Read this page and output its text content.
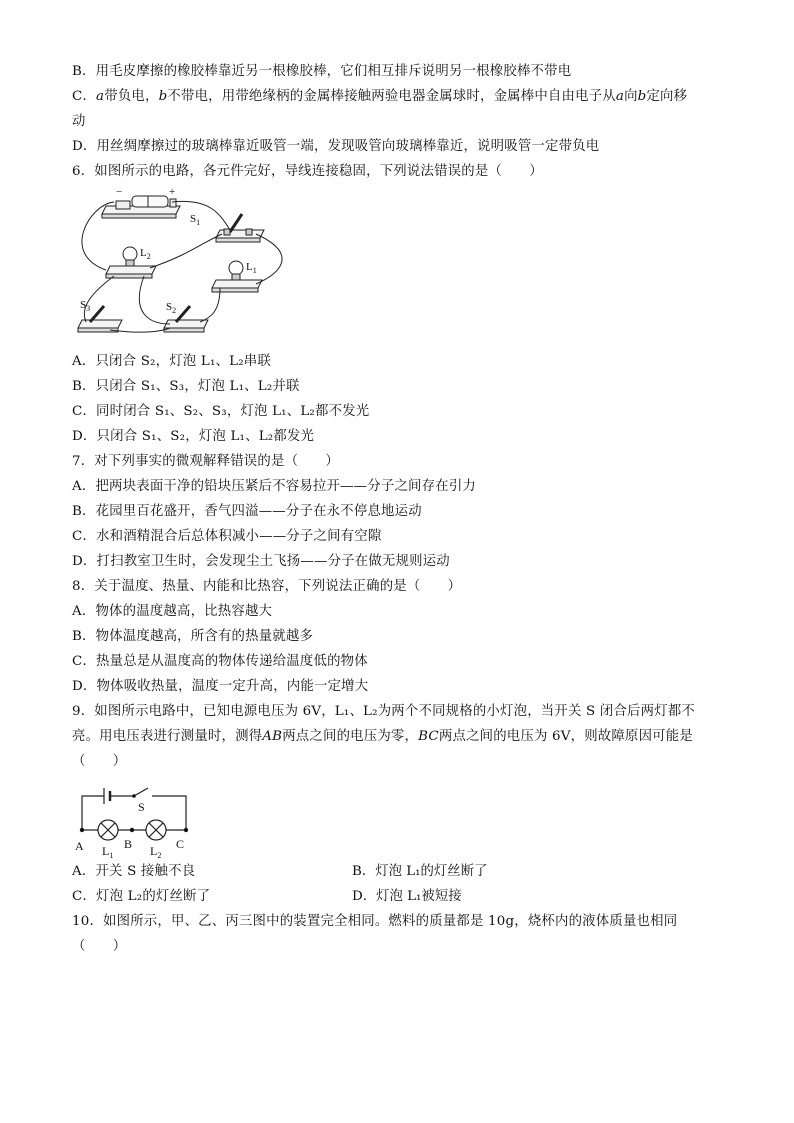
B．用毛皮摩擦的橡胶棒靠近另一根橡胶棒，它们相互排斥说明另一根橡胶棒不带电
C．a带负电，b不带电，用带绝缘柄的金属棒接触两验电器金属球时，金属棒中自由电子从a向b定向移
动
D．用丝绸摩擦过的玻璃棒靠近吸管一端，发现吸管向玻璃棒靠近，说明吸管一定带负电
6．如图所示的电路，各元件完好，导线连接稳固，下列说法错误的是（　　）
−	+
$S_1$
$L_2$
$L_1$
$S_3$	$S_2$
A．只闭合 S₂，灯泡 L₁、L₂串联
B．只闭合 S₁、S₃，灯泡 L₁、L₂并联
C．同时闭合 S₁、S₂、S₃，灯泡 L₁、L₂都不发光
D．只闭合 S₁、S₂，灯泡 L₁、L₂都发光
7．对下列事实的微观解释错误的是（　　）
A．把两块表面干净的铅块压紧后不容易拉开——分子之间存在引力
B．花园里百花盛开，香气四溢——分子在永不停息地运动
C．水和酒精混合后总体积减小——分子之间有空隙
D．打扫教室卫生时，会发现尘土飞扬——分子在做无规则运动
8．关于温度、热量、内能和比热容，下列说法正确的是（　　）
A．物体的温度越高，比热容越大
B．物体温度越高，所含有的热量就越多
C．热量总是从温度高的物体传递给温度低的物体
D．物体吸收热量，温度一定升高，内能一定增大
9．如图所示电路中，已知电源电压为 6V，L₁、L₂为两个不同规格的小灯泡，当开关 S 闭合后两灯都不
亮。用电压表进行测量时，测得AB两点之间的电压为零，BC两点之间的电压为 6V，则故障原因可能是
（　　）
S
A	B	C
$L_1$	$L_2$
A．开关 S 接触不良	B．灯泡 L₁的灯丝断了
C．灯泡 L₂的灯丝断了	D．灯泡 L₁被短接
10．如图所示，甲、乙、丙三图中的装置完全相同。燃料的质量都是 10g，烧杯内的液体质量也相同
（　　）
